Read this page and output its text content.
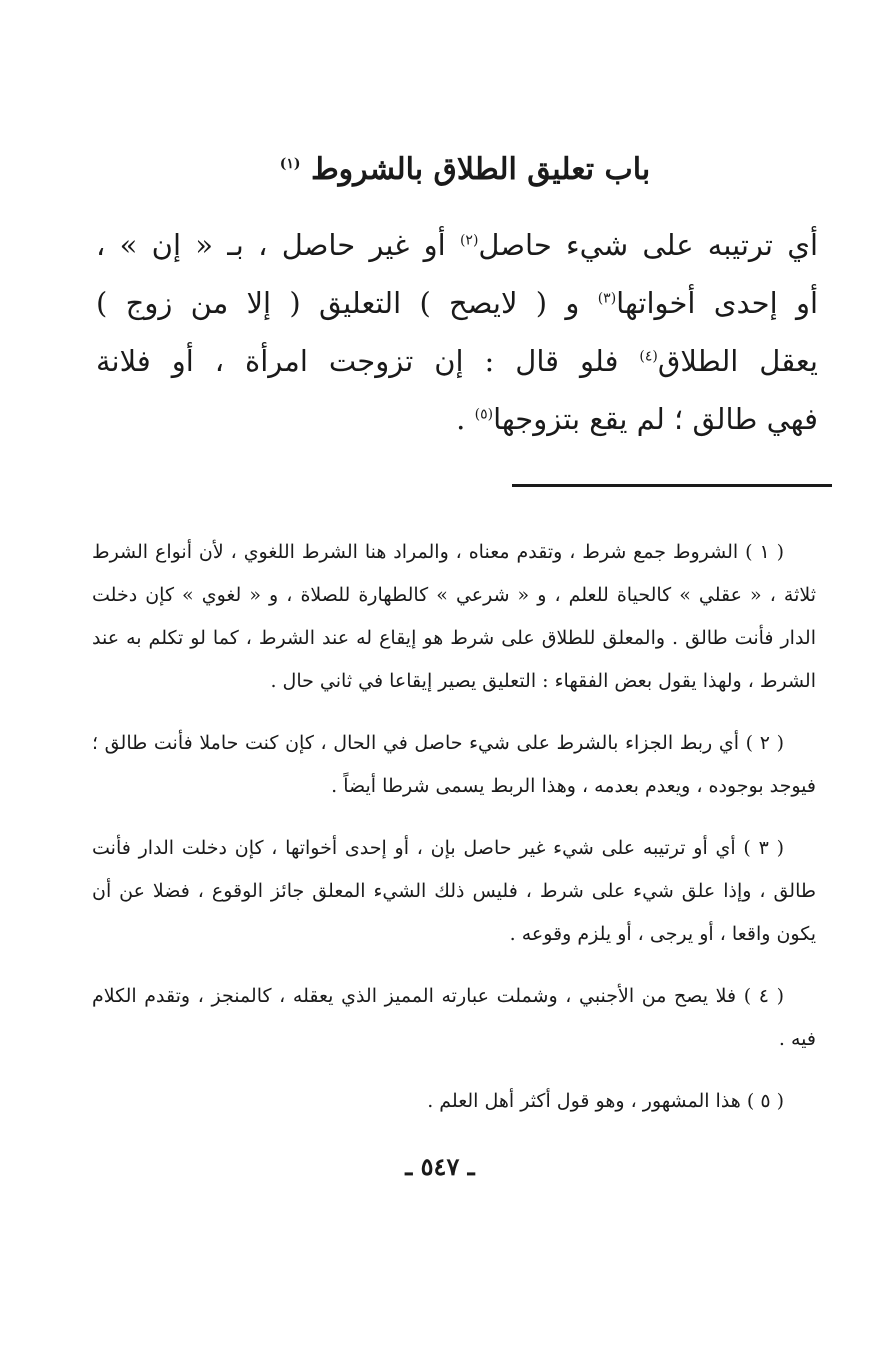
باب تعليق الطلاق بالشروط $^{(١)}$
أي ترتيبه على شيء حاصل$^{(٢)}$ أو غير حاصل ، بـ « إن » ،
أو إحدى أخواتها$^{(٣)}$ و ( لايصح ) التعليق ( إلا من زوج )
يعقل الطلاق$^{(٤)}$ فلو قال : إن تزوجت امرأة ، أو فلانة
فهي طالق ؛ لم يقع بتزوجها$^{(٥)}$ .

( ١ ) الشروط جمع شرط ، وتقدم معناه ، والمراد هنا الشرط اللغوي ، لأن أنواع الشرط ثلاثة ، « عقلي » كالحياة للعلم ، و « شرعي » كالطهارة للصلاة ، و « لغوي » كإن دخلت الدار فأنت طالق . والمعلق للطلاق على شرط هو إيقاع له عند الشرط ، كما لو تكلم به عند الشرط ، ولهذا يقول بعض الفقهاء : التعليق يصير إيقاعا في ثاني حال .

( ٢ ) أي ربط الجزاء بالشرط على شيء حاصل في الحال ، كإن كنت حاملا فأنت طالق ؛ فيوجد بوجوده ، ويعدم بعدمه ، وهذا الربط يسمى شرطا أيضاً .

( ٣ ) أي أو ترتيبه على شيء غير حاصل بإن ، أو إحدى أخواتها ، كإن دخلت الدار فأنت طالق ، وإذا علق شيء على شرط ، فليس ذلك الشيء المعلق جائز الوقوع ، فضلا عن أن يكون واقعا ، أو يرجى ، أو يلزم وقوعه .

( ٤ ) فلا يصح من الأجنبي ، وشملت عبارته المميز الذي يعقله ، كالمنجز ، وتقدم الكلام فيه .

( ٥ ) هذا المشهور ، وهو قول أكثر أهل العلم .

ـ ٥٤٧ ـ
